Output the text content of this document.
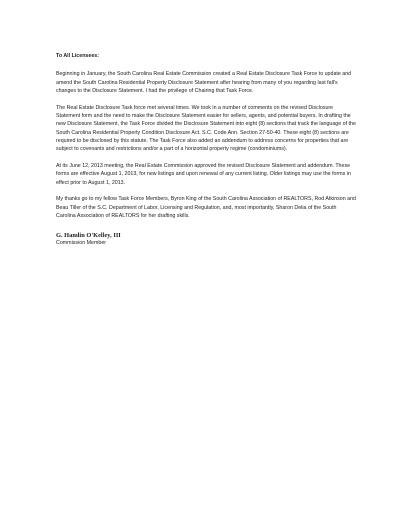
To All Licensees:

Beginning in January, the South Carolina Real Estate Commission created a Real Estate Disclosure Task Force to update and amend the South Carolina Residential Property Disclosure Statement after hearing from many of you regarding last fall's changes to the Disclosure Statement. I had the privilege of Chairing that Task Force.

The Real Estate Disclosure Task force met several times. We took in a number of comments on the revised Disclosure Statement form and the need to make the Disclosure Statement easier for sellers, agents, and potential buyers. In drafting the new Disclosure Statement, the Task Force divided the Disclosure Statement into eight (8) sections that track the language of the South Carolina Residential Property Condition Disclosure Act. S.C. Code Ann. Section 27-50-40. These eight (8) sections are required to be disclosed by this statute. The Task Force also added an addendum to address concerns for properties that are subject to covenants and restrictions and/or a part of a horizontal property regime (condominiums).

At its June 12, 2013 meeting, the Real Estate Commission approved the revised Disclosure Statement and addendum. These forms are effective August 1, 2013, for new listings and upon renewal of any current listing. Older listings may use the forms in effect prior to August 1, 2013.

My thanks go to my fellow Task Force Members, Byron King of the South Carolina Association of REALTORS, Rod Atkinson and Beau Tiller of the S.C. Department of Labor, Licensing and Regulation, and, most importantly, Sharon Delia of the South Carolina Association of REALTORS for her drafting skills.

G. Hamlin O'Kelley, III
Commission Member
